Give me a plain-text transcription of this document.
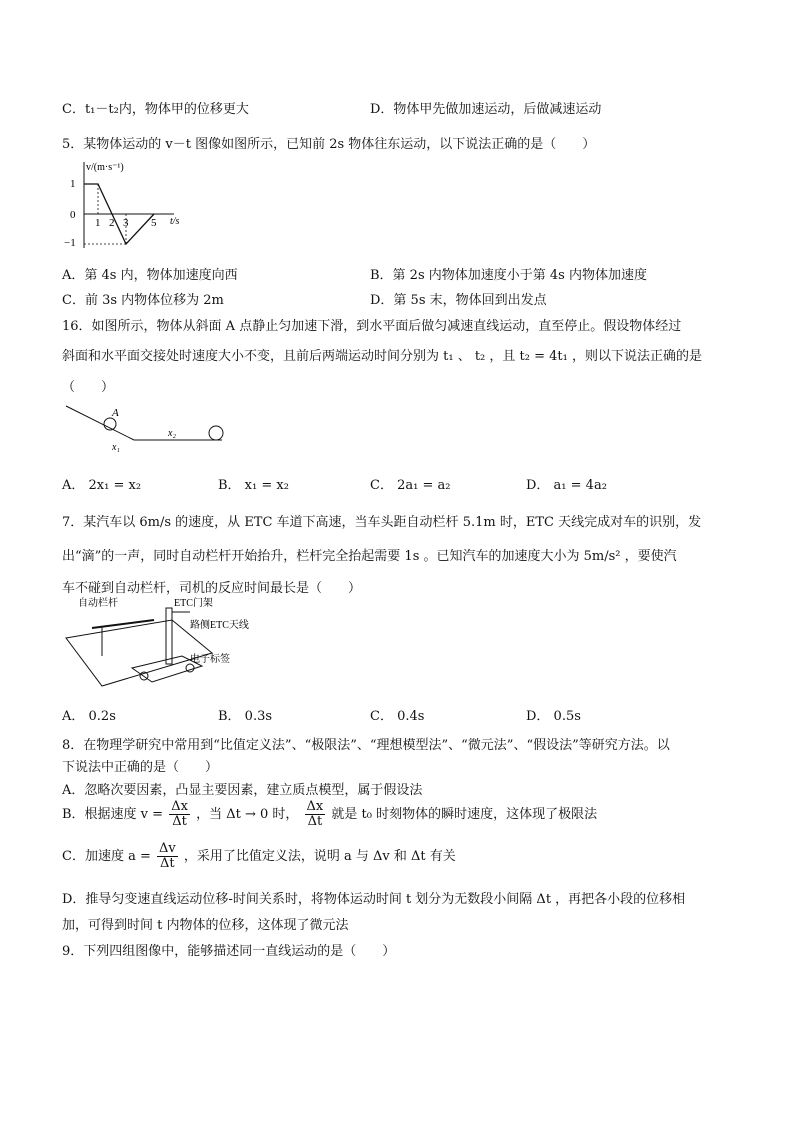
C．t₁－t₂内，物体甲的位移更大	D．物体甲先做加速运动，后做减速运动
5．某物体运动的 v－t 图像如图所示，已知前 2s 物体往东运动，以下说法正确的是（　　）
v/(m·s⁻¹)
t/s
1
0
−1
1 2 3 5
A．第 4s 内，物体加速度向西	B．第 2s 内物体加速度小于第 4s 内物体加速度
C．前 3s 内物体位移为 2m	D．第 5s 末，物体回到出发点
16．如图所示，物体从斜面 A 点静止匀加速下滑，到水平面后做匀减速直线运动，直至停止。假设物体经过
斜面和水平面交接处时速度大小不变，且前后两端运动时间分别为 t₁ 、 t₂ ，且 t₂ = 4t₁ ，则以下说法正确的是
（　　）
A
x₁
x₂
A． 2x₁ = x₂	B． x₁ = x₂	C． 2a₁ = a₂	D． a₁ = 4a₂
7．某汽车以 6m/s 的速度，从 ETC 车道下高速，当车头距自动栏杆 5.1m 时，ETC 天线完成对车的识别，发
出“滴”的一声，同时自动栏杆开始抬升，栏杆完全抬起需要 1s 。已知汽车的加速度大小为 5m/s² ，要使汽
车不碰到自动栏杆，司机的反应时间最长是（　　）
自动栏杆	ETC门架
路侧ETC天线
电子标签
A． 0.2s	B． 0.3s	C． 0.4s	D． 0.5s
8．在物理学研究中常用到“比值定义法”、“极限法”、“理想模型法”、“微元法”、“假设法”等研究方法。以
下说法中正确的是（　　）
A．忽略次要因素，凸显主要因素，建立质点模型，属于假设法
B．根据速度 $v = \frac{\Delta x}{\Delta t}$ ，当 Δt → 0 时， $\frac{\Delta x}{\Delta t}$ 就是 t₀ 时刻物体的瞬时速度，这体现了极限法
C．加速度 $a = \frac{\Delta v}{\Delta t}$ ，采用了比值定义法，说明 a 与 Δv 和 Δt 有关
D．推导匀变速直线运动位移-时间关系时，将物体运动时间 t 划分为无数段小间隔 Δt ，再把各小段的位移相
加，可得到时间 t 内物体的位移，这体现了微元法
9．下列四组图像中，能够描述同一直线运动的是（　　）
